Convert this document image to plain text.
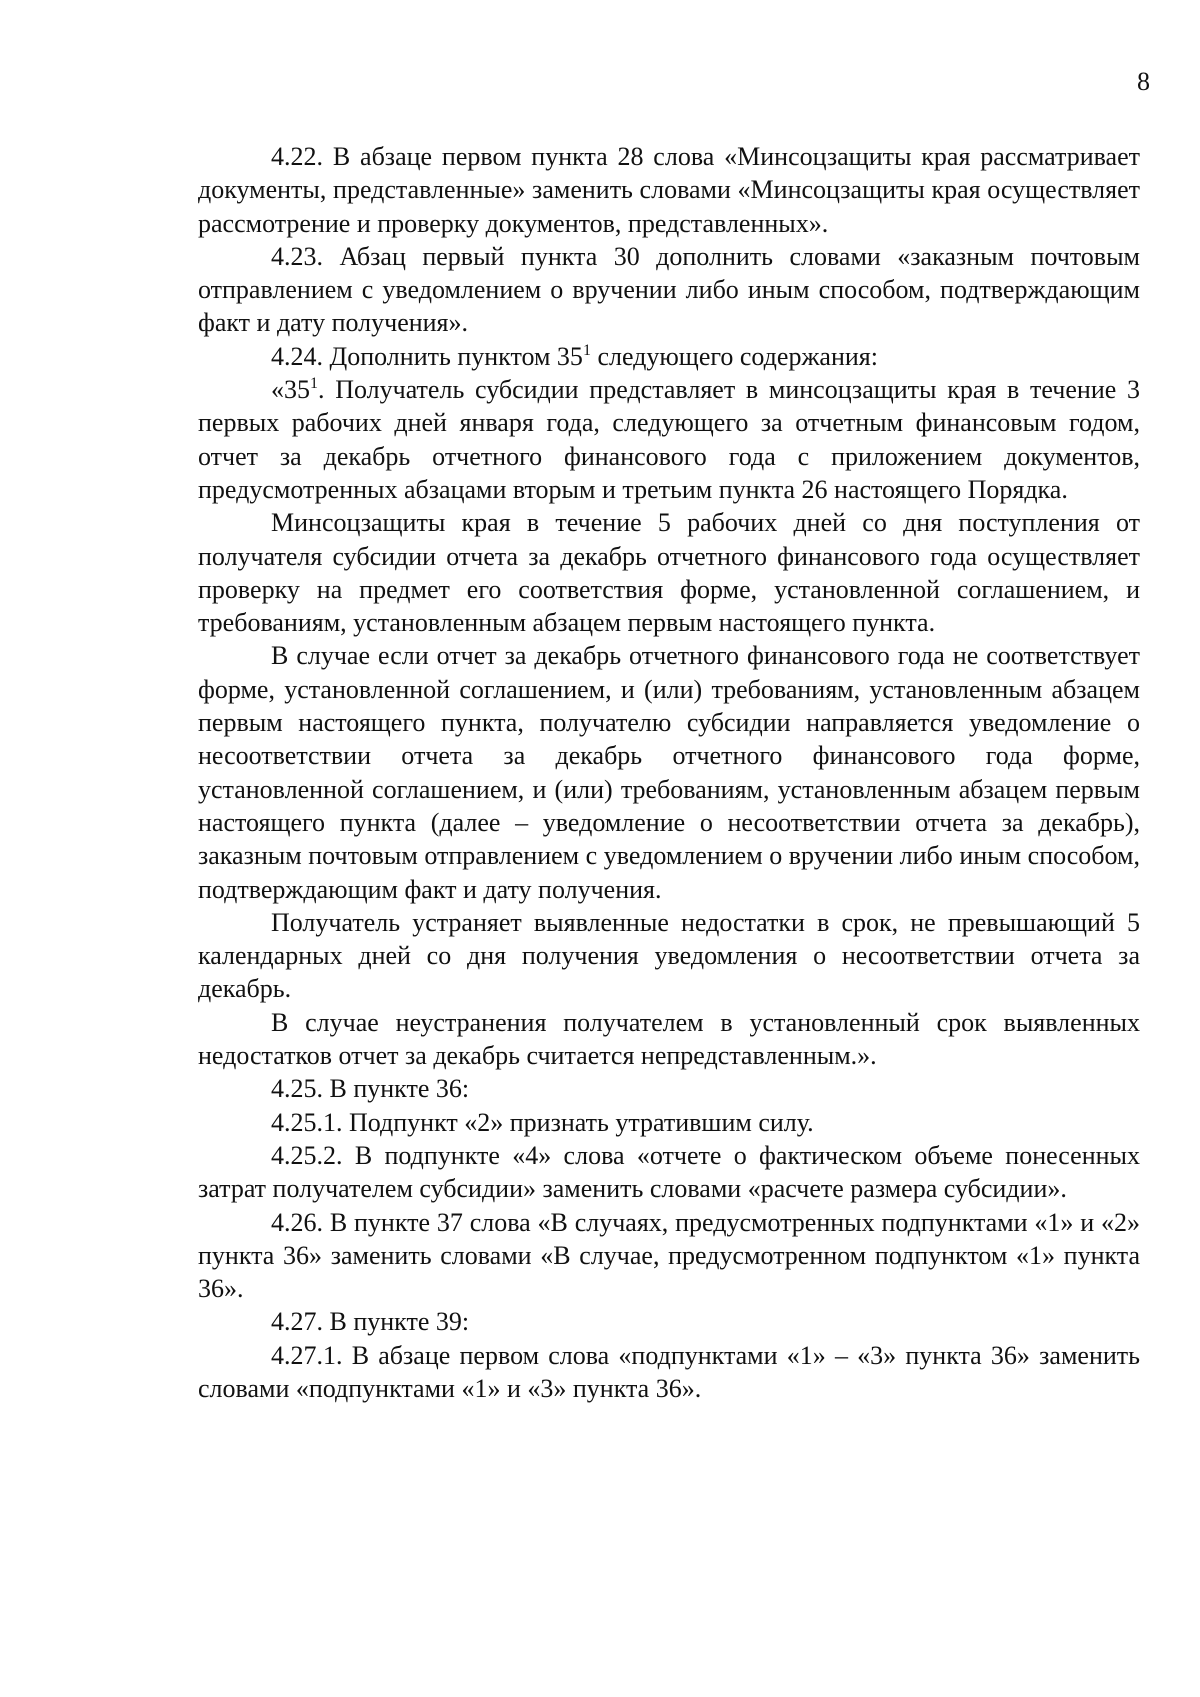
8

4.22. В абзаце первом пункта 28 слова «Минсоцзащиты края рассматривает документы, представленные» заменить словами «Минсоцзащиты края осуществляет рассмотрение и проверку документов, представленных».

4.23. Абзац первый пункта 30 дополнить словами «заказным почтовым отправлением с уведомлением о вручении либо иным способом, подтверждающим факт и дату получения».

4.24. Дополнить пунктом $35^1$ следующего содержания:

«$35^1$. Получатель субсидии представляет в минсоцзащиты края в течение 3 первых рабочих дней января года, следующего за отчетным финансовым годом, отчет за декабрь отчетного финансового года с приложением документов, предусмотренных абзацами вторым и третьим пункта 26 настоящего Порядка.

Минсоцзащиты края в течение 5 рабочих дней со дня поступления от получателя субсидии отчета за декабрь отчетного финансового года осуществляет проверку на предмет его соответствия форме, установленной соглашением, и требованиям, установленным абзацем первым настоящего пункта.

В случае если отчет за декабрь отчетного финансового года не соответствует форме, установленной соглашением, и (или) требованиям, установленным абзацем первым настоящего пункта, получателю субсидии направляется уведомление о несоответствии отчета за декабрь отчетного финансового года форме, установленной соглашением, и (или) требованиям, установленным абзацем первым настоящего пункта (далее – уведомление о несоответствии отчета за декабрь), заказным почтовым отправлением с уведомлением о вручении либо иным способом, подтверждающим факт и дату получения.

Получатель устраняет выявленные недостатки в срок, не превышающий 5 календарных дней со дня получения уведомления о несоответствии отчета за декабрь.

В случае неустранения получателем в установленный срок выявленных недостатков отчет за декабрь считается непредставленным.».

4.25. В пункте 36:

4.25.1. Подпункт «2» признать утратившим силу.

4.25.2. В подпункте «4» слова «отчете о фактическом объеме понесенных затрат получателем субсидии» заменить словами «расчете размера субсидии».

4.26. В пункте 37 слова «В случаях, предусмотренных подпунктами «1» и «2» пункта 36» заменить словами «В случае, предусмотренном подпунктом «1» пункта 36».

4.27. В пункте 39:

4.27.1. В абзаце первом слова «подпунктами «1» – «3» пункта 36» заменить словами «подпунктами «1» и «3» пункта 36».
